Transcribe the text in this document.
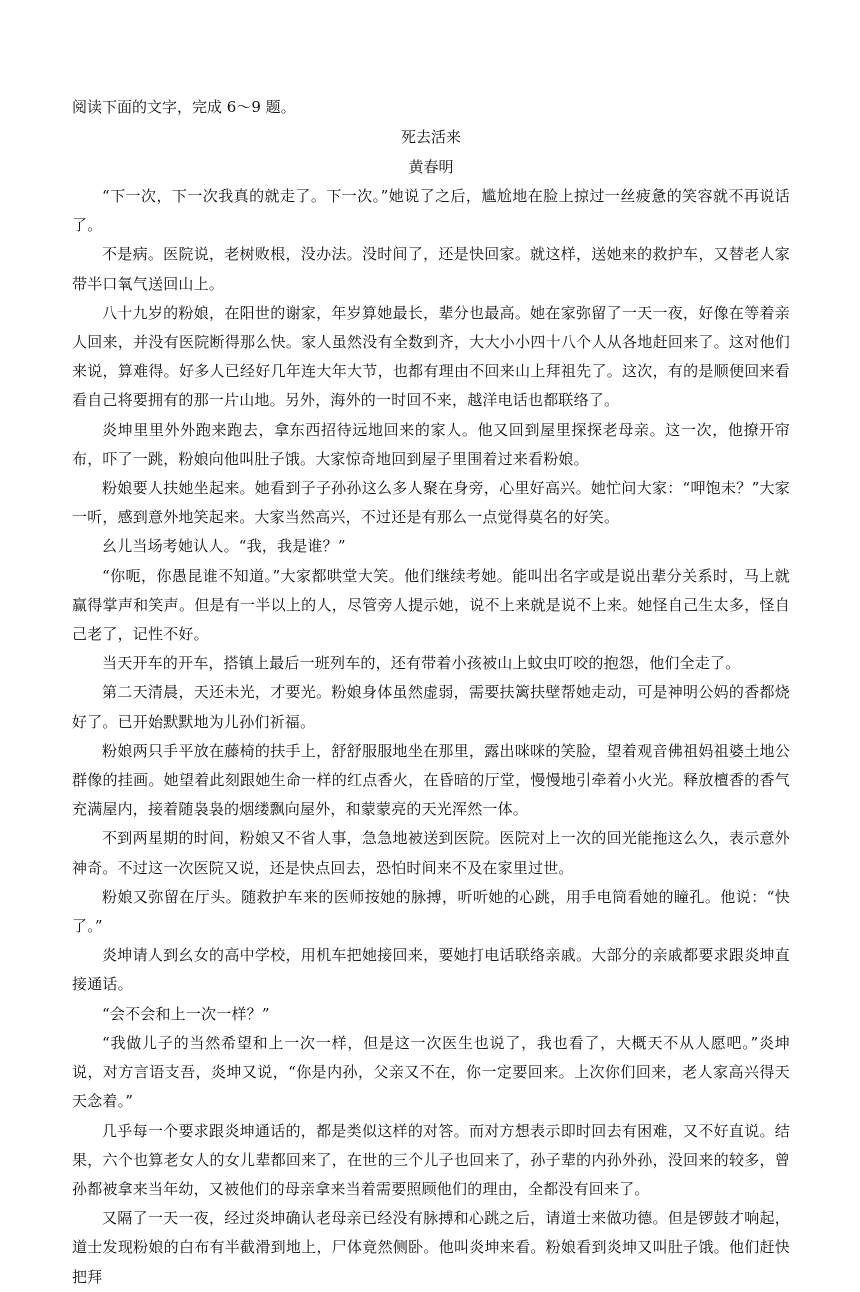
阅读下面的文字，完成 6～9 题。

死去活来

黄春明

“下一次，下一次我真的就走了。下一次。”她说了之后，尴尬地在脸上掠过一丝疲惫的笑容就不再说话了。

不是病。医院说，老树败根，没办法。没时间了，还是快回家。就这样，送她来的救护车，又替老人家带半口氧气送回山上。

八十九岁的粉娘，在阳世的谢家，年岁算她最长，辈分也最高。她在家弥留了一天一夜，好像在等着亲人回来，并没有医院断得那么快。家人虽然没有全数到齐，大大小小四十八个人从各地赶回来了。这对他们来说，算难得。好多人已经好几年连大年大节，也都有理由不回来山上拜祖先了。这次，有的是顺便回来看看自己将要拥有的那一片山地。另外，海外的一时回不来，越洋电话也都联络了。

炎坤里里外外跑来跑去，拿东西招待远地回来的家人。他又回到屋里探探老母亲。这一次，他撩开帘布，吓了一跳，粉娘向他叫肚子饿。大家惊奇地回到屋子里围着过来看粉娘。

粉娘要人扶她坐起来。她看到子子孙孙这么多人聚在身旁，心里好高兴。她忙问大家：“呷饱未？”大家一听，感到意外地笑起来。大家当然高兴，不过还是有那么一点觉得莫名的好笑。

幺儿当场考她认人。“我，我是谁？”

“你呃，你愚昆谁不知道。”大家都哄堂大笑。他们继续考她。能叫出名字或是说出辈分关系时，马上就赢得掌声和笑声。但是有一半以上的人，尽管旁人提示她，说不上来就是说不上来。她怪自己生太多，怪自己老了，记性不好。

当天开车的开车，搭镇上最后一班列车的，还有带着小孩被山上蚊虫叮咬的抱怨，他们全走了。

第二天清晨，天还未光，才要光。粉娘身体虽然虚弱，需要扶篱扶壁帮她走动，可是神明公妈的香都烧好了。已开始默默地为儿孙们祈福。

粉娘两只手平放在藤椅的扶手上，舒舒服服地坐在那里，露出咪咪的笑脸，望着观音佛祖妈祖婆土地公群像的挂画。她望着此刻跟她生命一样的红点香火，在昏暗的厅堂，慢慢地引牵着小火光。释放檀香的香气充满屋内，接着随袅袅的烟缕飘向屋外，和蒙蒙亮的天光浑然一体。

不到两星期的时间，粉娘又不省人事，急急地被送到医院。医院对上一次的回光能拖这么久，表示意外神奇。不过这一次医院又说，还是快点回去，恐怕时间来不及在家里过世。

粉娘又弥留在厅头。随救护车来的医师按她的脉搏，听听她的心跳，用手电筒看她的瞳孔。他说：“快了。”

炎坤请人到幺女的高中学校，用机车把她接回来，要她打电话联络亲戚。大部分的亲戚都要求跟炎坤直接通话。

“会不会和上一次一样？”

“我做儿子的当然希望和上一次一样，但是这一次医生也说了，我也看了，大概天不从人愿吧。”炎坤说，对方言语支吾，炎坤又说，“你是内孙，父亲又不在，你一定要回来。上次你们回来，老人家高兴得天天念着。”

几乎每一个要求跟炎坤通话的，都是类似这样的对答。而对方想表示即时回去有困难，又不好直说。结果，六个也算老女人的女儿辈都回来了，在世的三个儿子也回来了，孙子辈的内孙外孙，没回来的较多，曾孙都被拿来当年幼，又被他们的母亲拿来当着需要照顾他们的理由，全都没有回来了。

又隔了一天一夜，经过炎坤确认老母亲已经没有脉搏和心跳之后，请道士来做功德。但是锣鼓才响起，道士发现粉娘的白布有半截滑到地上，尸体竟然侧卧。他叫炎坤来看。粉娘看到炎坤又叫肚子饿。他们赶快把拜
